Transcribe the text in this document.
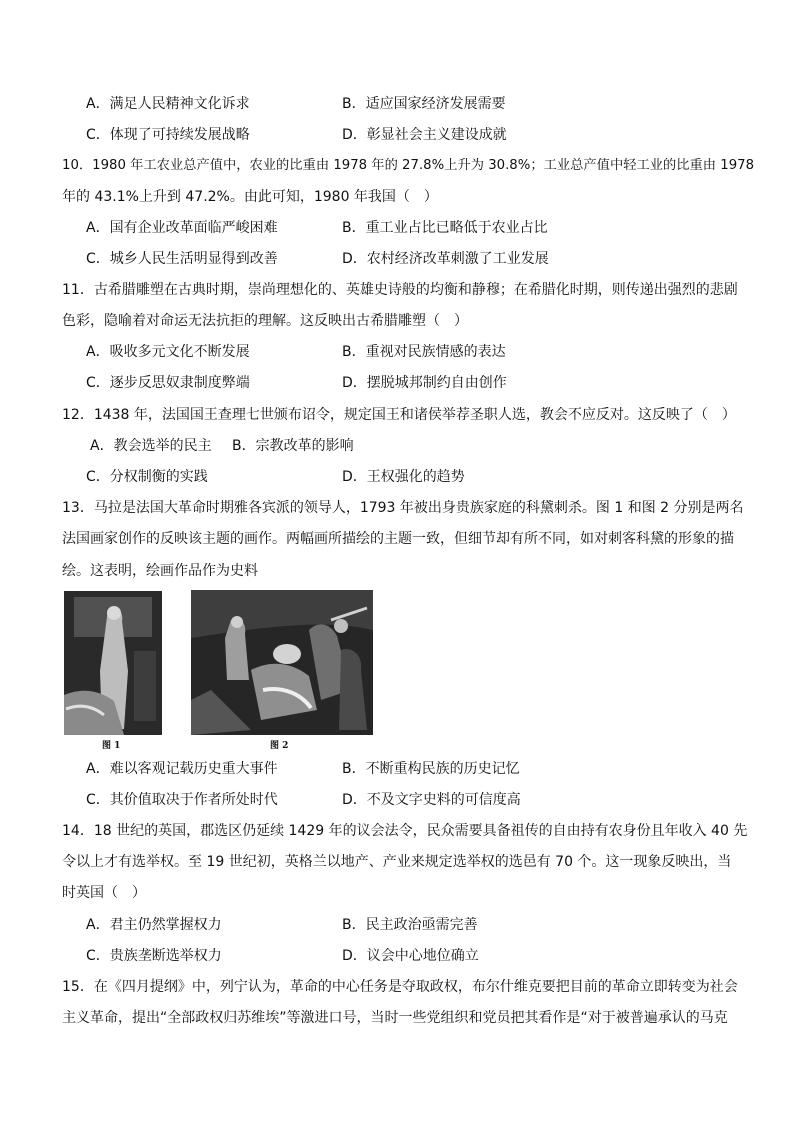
A．满足人民精神文化诉求	B．适应国家经济发展需要
C．体现了可持续发展战略	D．彰显社会主义建设成就
10．1980 年工农业总产值中，农业的比重由 1978 年的 27.8%上升为 30.8%；工业总产值中轻工业的比重由 1978
年的 43.1%上升到 47.2%。由此可知，1980 年我国（　）
A．国有企业改革面临严峻困难	B．重工业占比已略低于农业占比
C．城乡人民生活明显得到改善	D．农村经济改革刺激了工业发展
11．古希腊雕塑在古典时期，崇尚理想化的、英雄史诗般的均衡和静穆；在希腊化时期，则传递出强烈的悲剧
色彩，隐喻着对命运无法抗拒的理解。这反映出古希腊雕塑（　）
A．吸收多元文化不断发展	B．重视对民族情感的表达
C．逐步反思奴隶制度弊端	D．摆脱城邦制约自由创作
12．1438 年，法国国王查理七世颁布诏令，规定国王和诸侯举荐圣职人选，教会不应反对。这反映了（　）
A．教会选举的民主 B．宗教改革的影响
C．分权制衡的实践	D．王权强化的趋势
13．马拉是法国大革命时期雅各宾派的领导人，1793 年被出身贵族家庭的科黛刺杀。图 1 和图 2 分别是两名
法国画家创作的反映该主题的画作。两幅画所描绘的主题一致，但细节却有所不同，如对刺客科黛的形象的描
绘。这表明，绘画作品作为史料
图 1	图 2
A．难以客观记载历史重大事件	B．不断重构民族的历史记忆
C．其价值取决于作者所处时代	D．不及文字史料的可信度高
14．18 世纪的英国，郡选区仍延续 1429 年的议会法令，民众需要具备祖传的自由持有农身份且年收入 40 先
令以上才有选举权。至 19 世纪初，英格兰以地产、产业来规定选举权的选邑有 70 个。这一现象反映出，当
时英国（　）
A．君主仍然掌握权力	B．民主政治亟需完善
C．贵族垄断选举权力	D．议会中心地位确立
15．在《四月提纲》中，列宁认为，革命的中心任务是夺取政权，布尔什维克要把目前的革命立即转变为社会
主义革命，提出“全部政权归苏维埃”等激进口号，当时一些党组织和党员把其看作是“对于被普遍承认的马克
